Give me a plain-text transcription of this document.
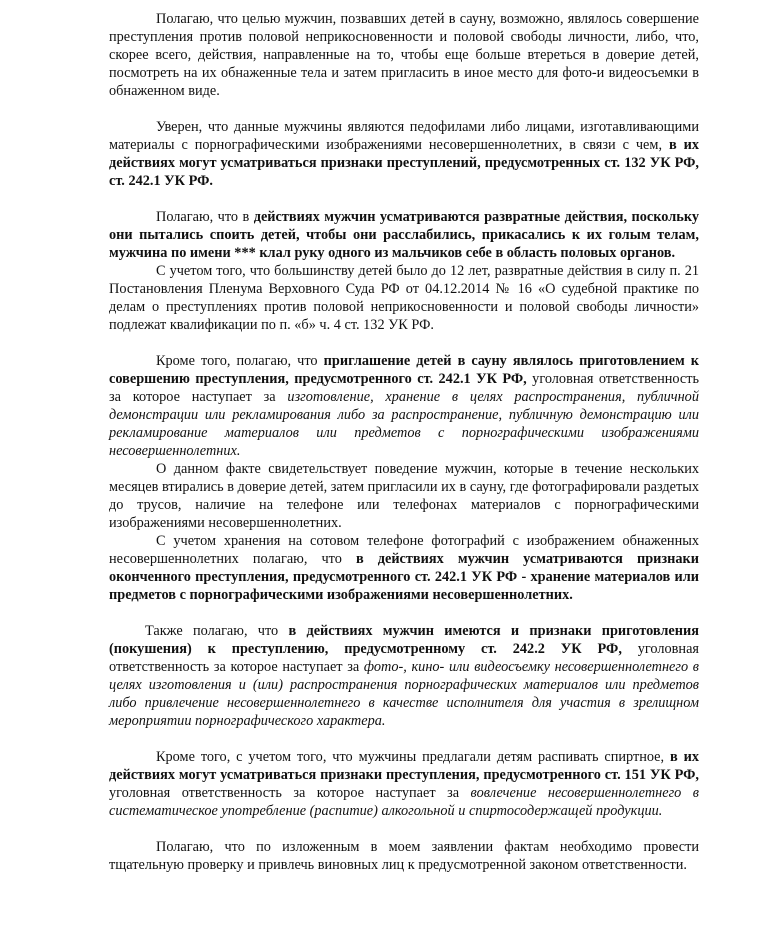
Полагаю, что целью мужчин, позвавших детей в сауну, возможно, являлось совершение преступления против половой неприкосновенности и половой свободы личности, либо, что, скорее всего, действия, направленные на то, чтобы еще больше втереться в доверие детей, посмотреть на их обнаженные тела и затем пригласить в иное место для фото-и видеосъемки в обнаженном виде.

Уверен, что данные мужчины являются педофилами либо лицами, изготавливающими материалы с порнографическими изображениями несовершеннолетних, в связи с чем, в их действиях могут усматриваться признаки преступлений, предусмотренных ст. 132 УК РФ, ст. 242.1 УК РФ.

Полагаю, что в действиях мужчин усматриваются развратные действия, поскольку они пытались споить детей, чтобы они расслабились, прикасались к их голым телам, мужчина по имени *** клал руку одного из мальчиков себе в область половых органов.

С учетом того, что большинству детей было до 12 лет, развратные действия в силу п. 21 Постановления Пленума Верховного Суда РФ от 04.12.2014 № 16 «О судебной практике по делам о преступлениях против половой неприкосновенности и половой свободы личности» подлежат квалификации по п. «б» ч. 4 ст. 132 УК РФ.

Кроме того, полагаю, что приглашение детей в сауну являлось приготовлением к совершению преступления, предусмотренного ст. 242.1 УК РФ, уголовная ответственность за которое наступает за изготовление, хранение в целях распространения, публичной демонстрации или рекламирования либо за распространение, публичную демонстрацию или рекламирование материалов или предметов с порнографическими изображениями несовершеннолетних.

О данном факте свидетельствует поведение мужчин, которые в течение нескольких месяцев втирались в доверие детей, затем пригласили их в сауну, где фотографировали раздетых до трусов, наличие на телефоне или телефонах материалов с порнографическими изображениями несовершеннолетних.

С учетом хранения на сотовом телефоне фотографий с изображением обнаженных несовершеннолетних полагаю, что в действиях мужчин усматриваются признаки оконченного преступления, предусмотренного ст. 242.1 УК РФ - хранение материалов или предметов с порнографическими изображениями несовершеннолетних.

Также полагаю, что в действиях мужчин имеются и признаки приготовления (покушения) к преступлению, предусмотренному ст. 242.2 УК РФ, уголовная ответственность за которое наступает за фото-, кино- или видеосъемку несовершеннолетнего в целях изготовления и (или) распространения порнографических материалов или предметов либо привлечение несовершеннолетнего в качестве исполнителя для участия в зрелищном мероприятии порнографического характера.

Кроме того, с учетом того, что мужчины предлагали детям распивать спиртное, в их действиях могут усматриваться признаки преступления, предусмотренного ст. 151 УК РФ, уголовная ответственность за которое наступает за вовлечение несовершеннолетнего в систематическое употребление (распитие) алкогольной и спиртосодержащей продукции.

Полагаю, что по изложенным в моем заявлении фактам необходимо провести тщательную проверку и привлечь виновных лиц к предусмотренной законом ответственности.
